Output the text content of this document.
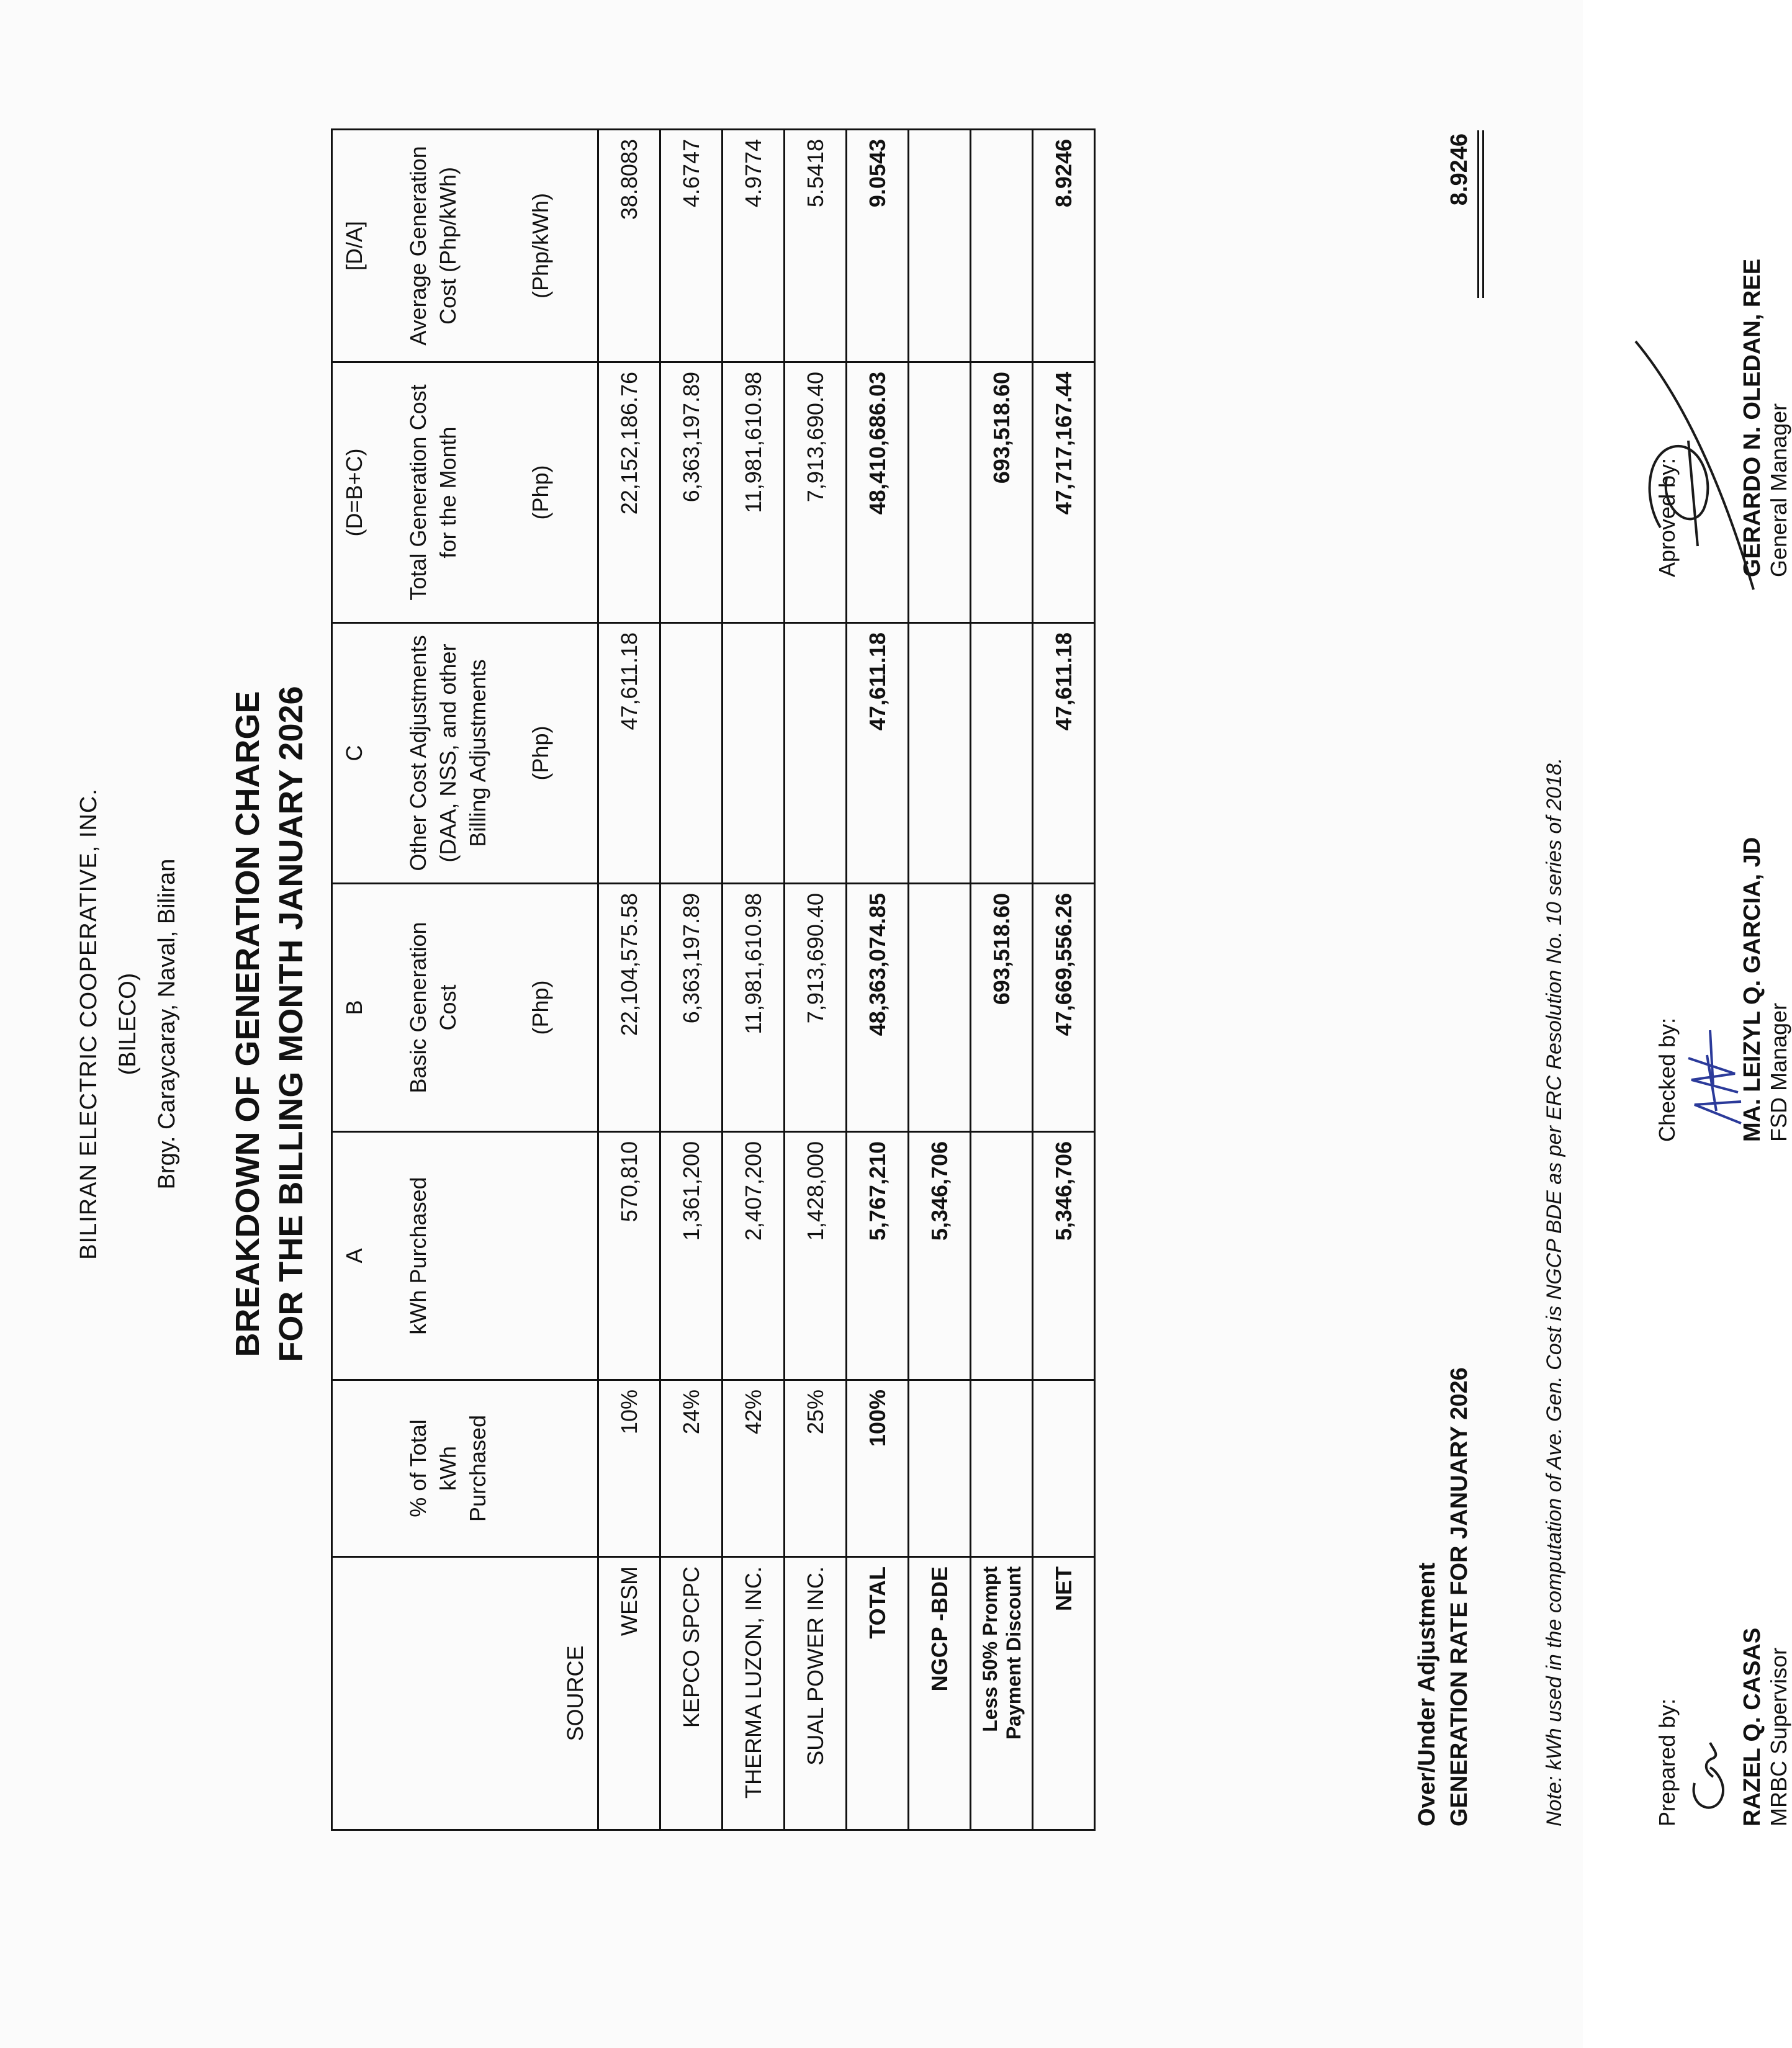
BILIRAN ELECTRIC COOPERATIVE, INC. (BILECO) Brgy. Caraycaray, Naval, Biliran BREAKDOWN OF GENERATION CHARGE FOR THE BILLING MONTH JANUARY 2026
SOURCE	% of Total kWh Purchased	A kWh Purchased	B Basic Generation Cost (Php)	C Other Cost Adjustments (DAA, NSS, and other Billing Adjustments (Php)	(D=B+C) Total Generation Cost for the Month (Php)	[D/A] Average Generation Cost (Php/kWh) (Php/kWh)

WESM	10%	570,810	22,104,575.58	47,611.18	22,152,186.76	38.8083
KEPCO SPCPC	24%	1,361,200	6,363,197.89		6,363,197.89	4.6747
THERMA LUZON, INC.	42%	2,407,200	11,981,610.98		11,981,610.98	4.9774
SUAL POWER INC.	25%	1,428,000	7,913,690.40		7,913,690.40	5.5418
TOTAL	100%	5,767,210	48,363,074.85	47,611.18	48,410,686.03	9.0543
NGCP -BDE		5,346,706				
Less 50% Prompt Payment Discount			693,518.60		693,518.60	
NET		5,346,706	47,669,556.26	47,611.18	47,717,167.44	8.9246
Over/Under Adjustment GENERATION RATE FOR JANUARY 2026
8.9246
Note: kWh used in the computation of Ave. Gen. Cost is NGCP BDE as per ERC Resolution No. 10 series of 2018.	Prepared by:	RAZEL Q. CASAS MRBC Supervisor
Checked by:	MA. LEIZYL Q. GARCIA, JD FSD Manager
Aproved by:	GERARDO N. OLEDAN, REE General Manager
